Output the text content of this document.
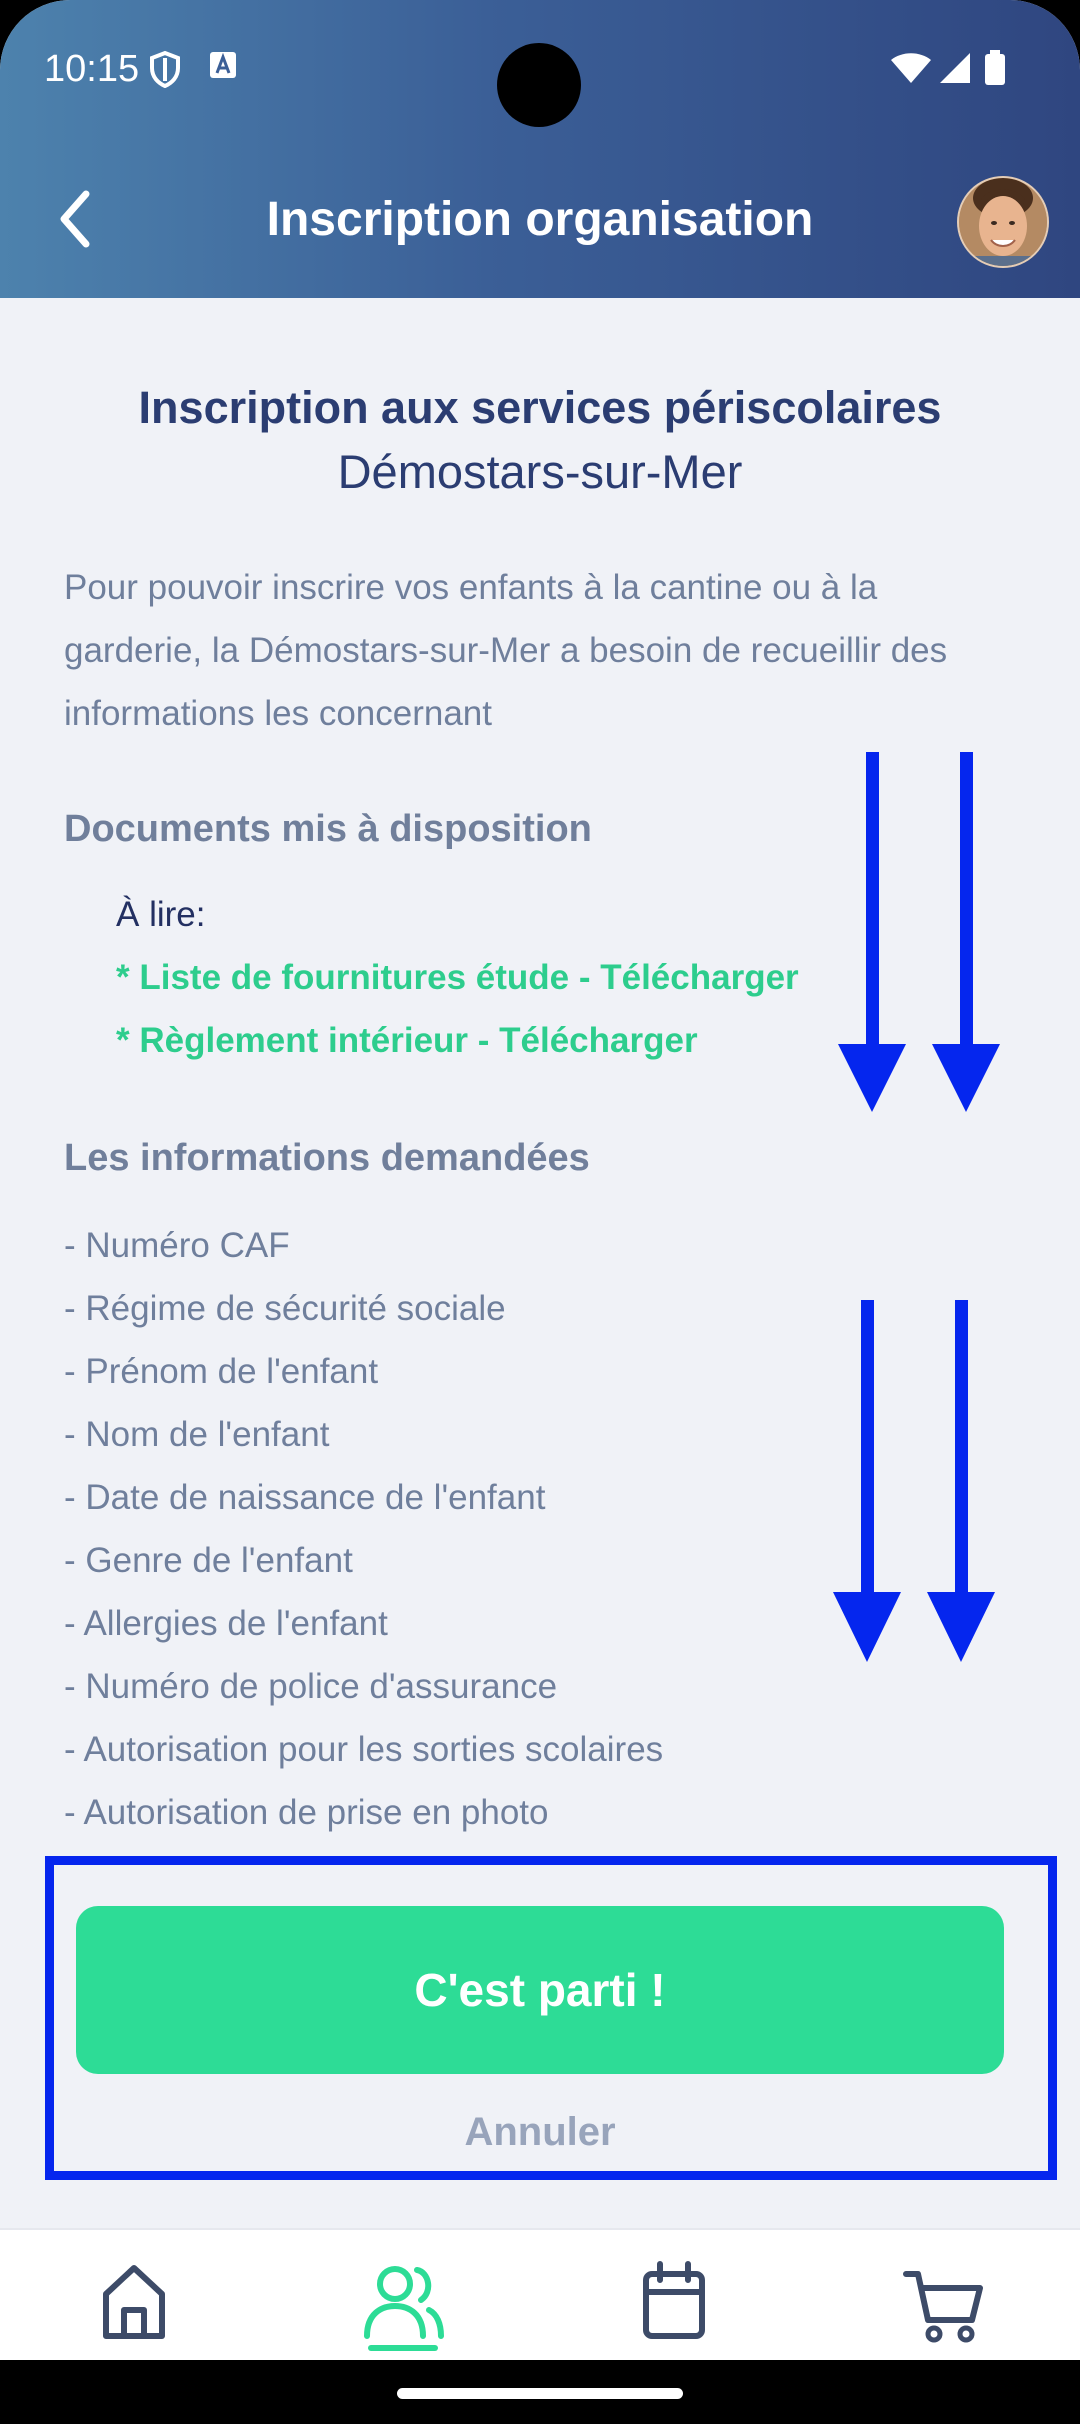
10:15
Inscription organisation
Inscription aux services périscolaires
Démostars-sur-Mer
Pour pouvoir inscrire vos enfants à la cantine ou à la garderie, la Démostars-sur-Mer a besoin de recueillir des informations les concernant
Documents mis à disposition
À lire:
* Liste de fournitures étude - Télécharger
* Règlement intérieur - Télécharger
Les informations demandées
- Numéro CAF
- Régime de sécurité sociale
- Prénom de l'enfant
- Nom de l'enfant
- Date de naissance de l'enfant
- Genre de l'enfant
- Allergies de l'enfant
- Numéro de police d'assurance
- Autorisation pour les sorties scolaires
- Autorisation de prise en photo
C'est parti !
Annuler
